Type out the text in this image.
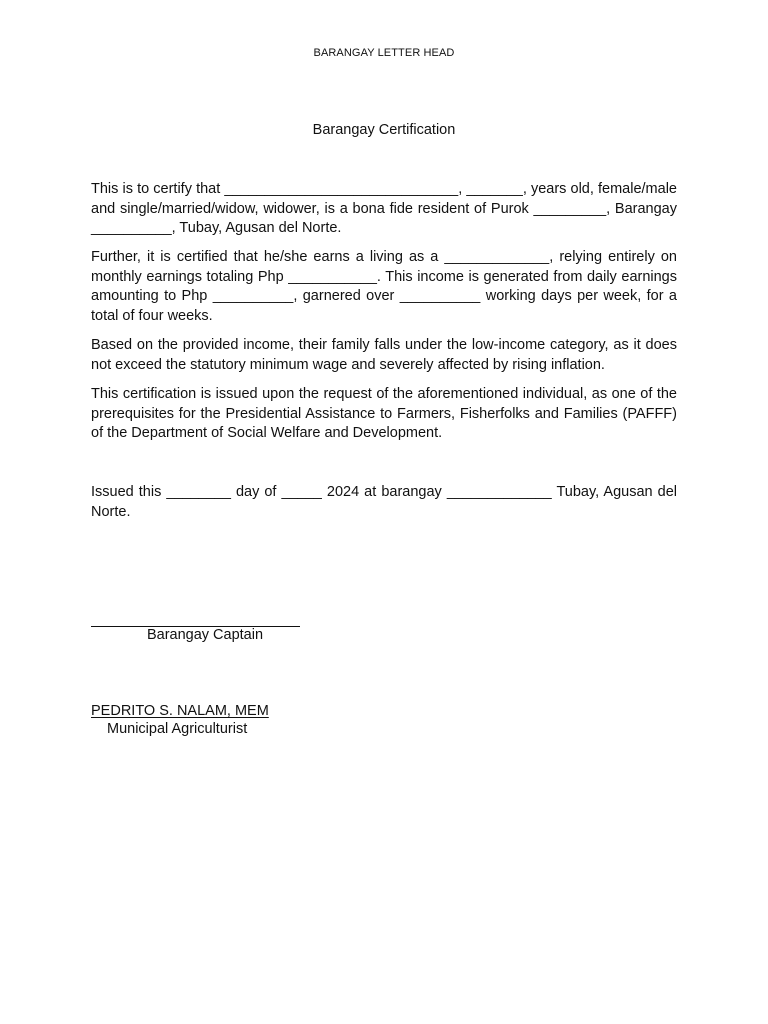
BARANGAY LETTER HEAD
Barangay Certification

This is to certify that _____________________________, _______, years old, female/male and single/married/widow, widower, is a bona fide resident of Purok _________, Barangay __________, Tubay, Agusan del Norte.

Further, it is certified that he/she earns a living as a _____________, relying entirely on monthly earnings totaling Php ___________. This income is generated from daily earnings amounting to Php __________, garnered over __________ working days per week, for a total of four weeks.

Based on the provided income, their family falls under the low-income category, as it does not exceed the statutory minimum wage and severely affected by rising inflation.

This certification is issued upon the request of the aforementioned individual, as one of the prerequisites for the Presidential Assistance to Farmers, Fisherfolks and Families (PAFFF) of the Department of Social Welfare and Development.

Issued this ________ day of _____ 2024 at barangay _____________ Tubay, Agusan del Norte.

Barangay Captain
PEDRITO S. NALAM, MEM
Municipal Agriculturist
